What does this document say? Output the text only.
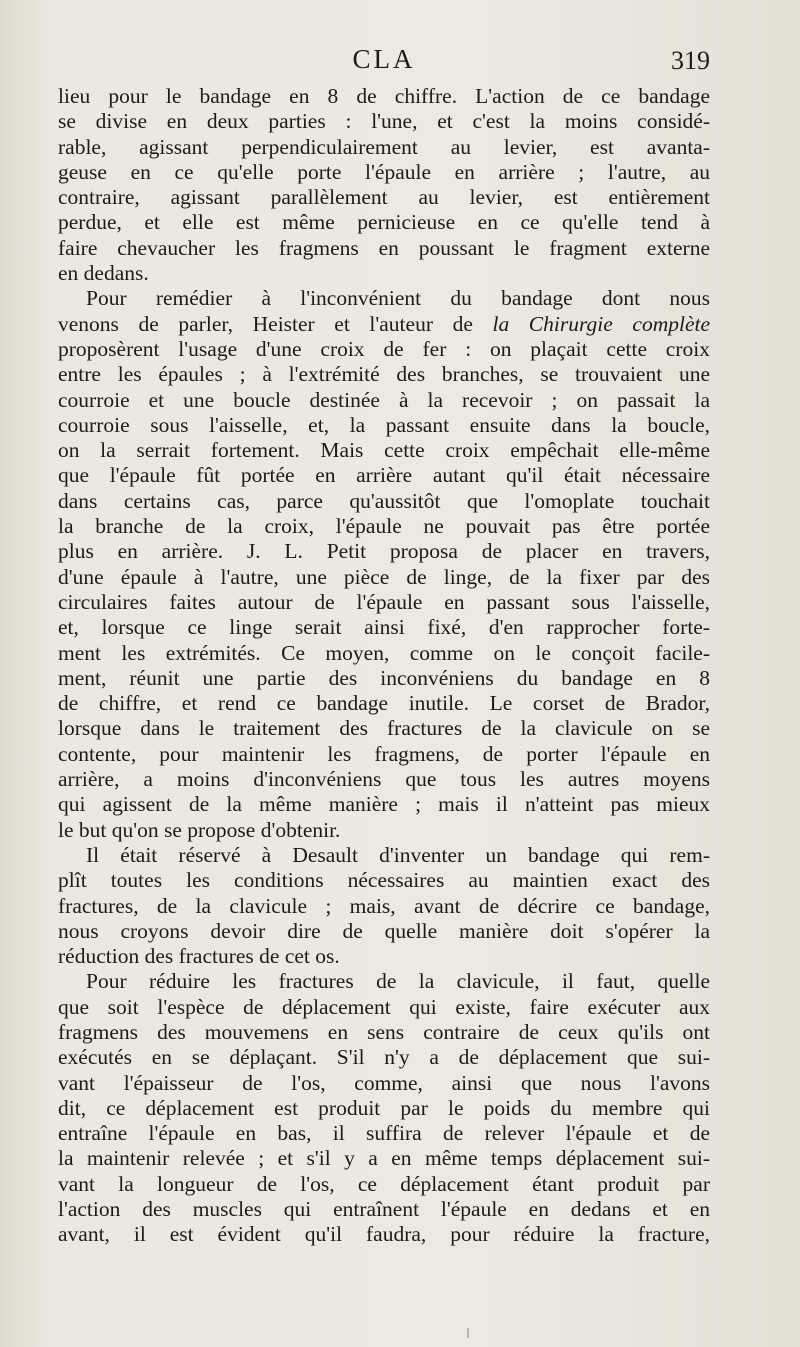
CLA	319
lieu pour le bandage en 8 de chiffre. L'action de ce bandage
se divise en deux parties : l'une, et c'est la moins considé-
rable, agissant perpendiculairement au levier, est avanta-
geuse en ce qu'elle porte l'épaule en arrière ; l'autre, au
contraire, agissant parallèlement au levier, est entièrement
perdue, et elle est même pernicieuse en ce qu'elle tend à
faire chevaucher les fragmens en poussant le fragment externe
en dedans.
Pour remédier à l'inconvénient du bandage dont nous
venons de parler, Heister et l'auteur de la Chirurgie complète
proposèrent l'usage d'une croix de fer : on plaçait cette croix
entre les épaules ; à l'extrémité des branches, se trouvaient une
courroie et une boucle destinée à la recevoir ; on passait la
courroie sous l'aisselle, et, la passant ensuite dans la boucle,
on la serrait fortement. Mais cette croix empêchait elle-même
que l'épaule fût portée en arrière autant qu'il était nécessaire
dans certains cas, parce qu'aussitôt que l'omoplate touchait
la branche de la croix, l'épaule ne pouvait pas être portée
plus en arrière. J. L. Petit proposa de placer en travers,
d'une épaule à l'autre, une pièce de linge, de la fixer par des
circulaires faites autour de l'épaule en passant sous l'aisselle,
et, lorsque ce linge serait ainsi fixé, d'en rapprocher forte-
ment les extrémités. Ce moyen, comme on le conçoit facile-
ment, réunit une partie des inconvéniens du bandage en 8
de chiffre, et rend ce bandage inutile. Le corset de Brador,
lorsque dans le traitement des fractures de la clavicule on se
contente, pour maintenir les fragmens, de porter l'épaule en
arrière, a moins d'inconvéniens que tous les autres moyens
qui agissent de la même manière ; mais il n'atteint pas mieux
le but qu'on se propose d'obtenir.
Il était réservé à Desault d'inventer un bandage qui rem-
plît toutes les conditions nécessaires au maintien exact des
fractures, de la clavicule ; mais, avant de décrire ce bandage,
nous croyons devoir dire de quelle manière doit s'opérer la
réduction des fractures de cet os.
Pour réduire les fractures de la clavicule, il faut, quelle
que soit l'espèce de déplacement qui existe, faire exécuter aux
fragmens des mouvemens en sens contraire de ceux qu'ils ont
exécutés en se déplaçant. S'il n'y a de déplacement que sui-
vant l'épaisseur de l'os, comme, ainsi que nous l'avons
dit, ce déplacement est produit par le poids du membre qui
entraîne l'épaule en bas, il suffira de relever l'épaule et de
la maintenir relevée ; et s'il y a en même temps déplacement sui-
vant la longueur de l'os, ce déplacement étant produit par
l'action des muscles qui entraînent l'épaule en dedans et en
avant, il est évident qu'il faudra, pour réduire la fracture,
